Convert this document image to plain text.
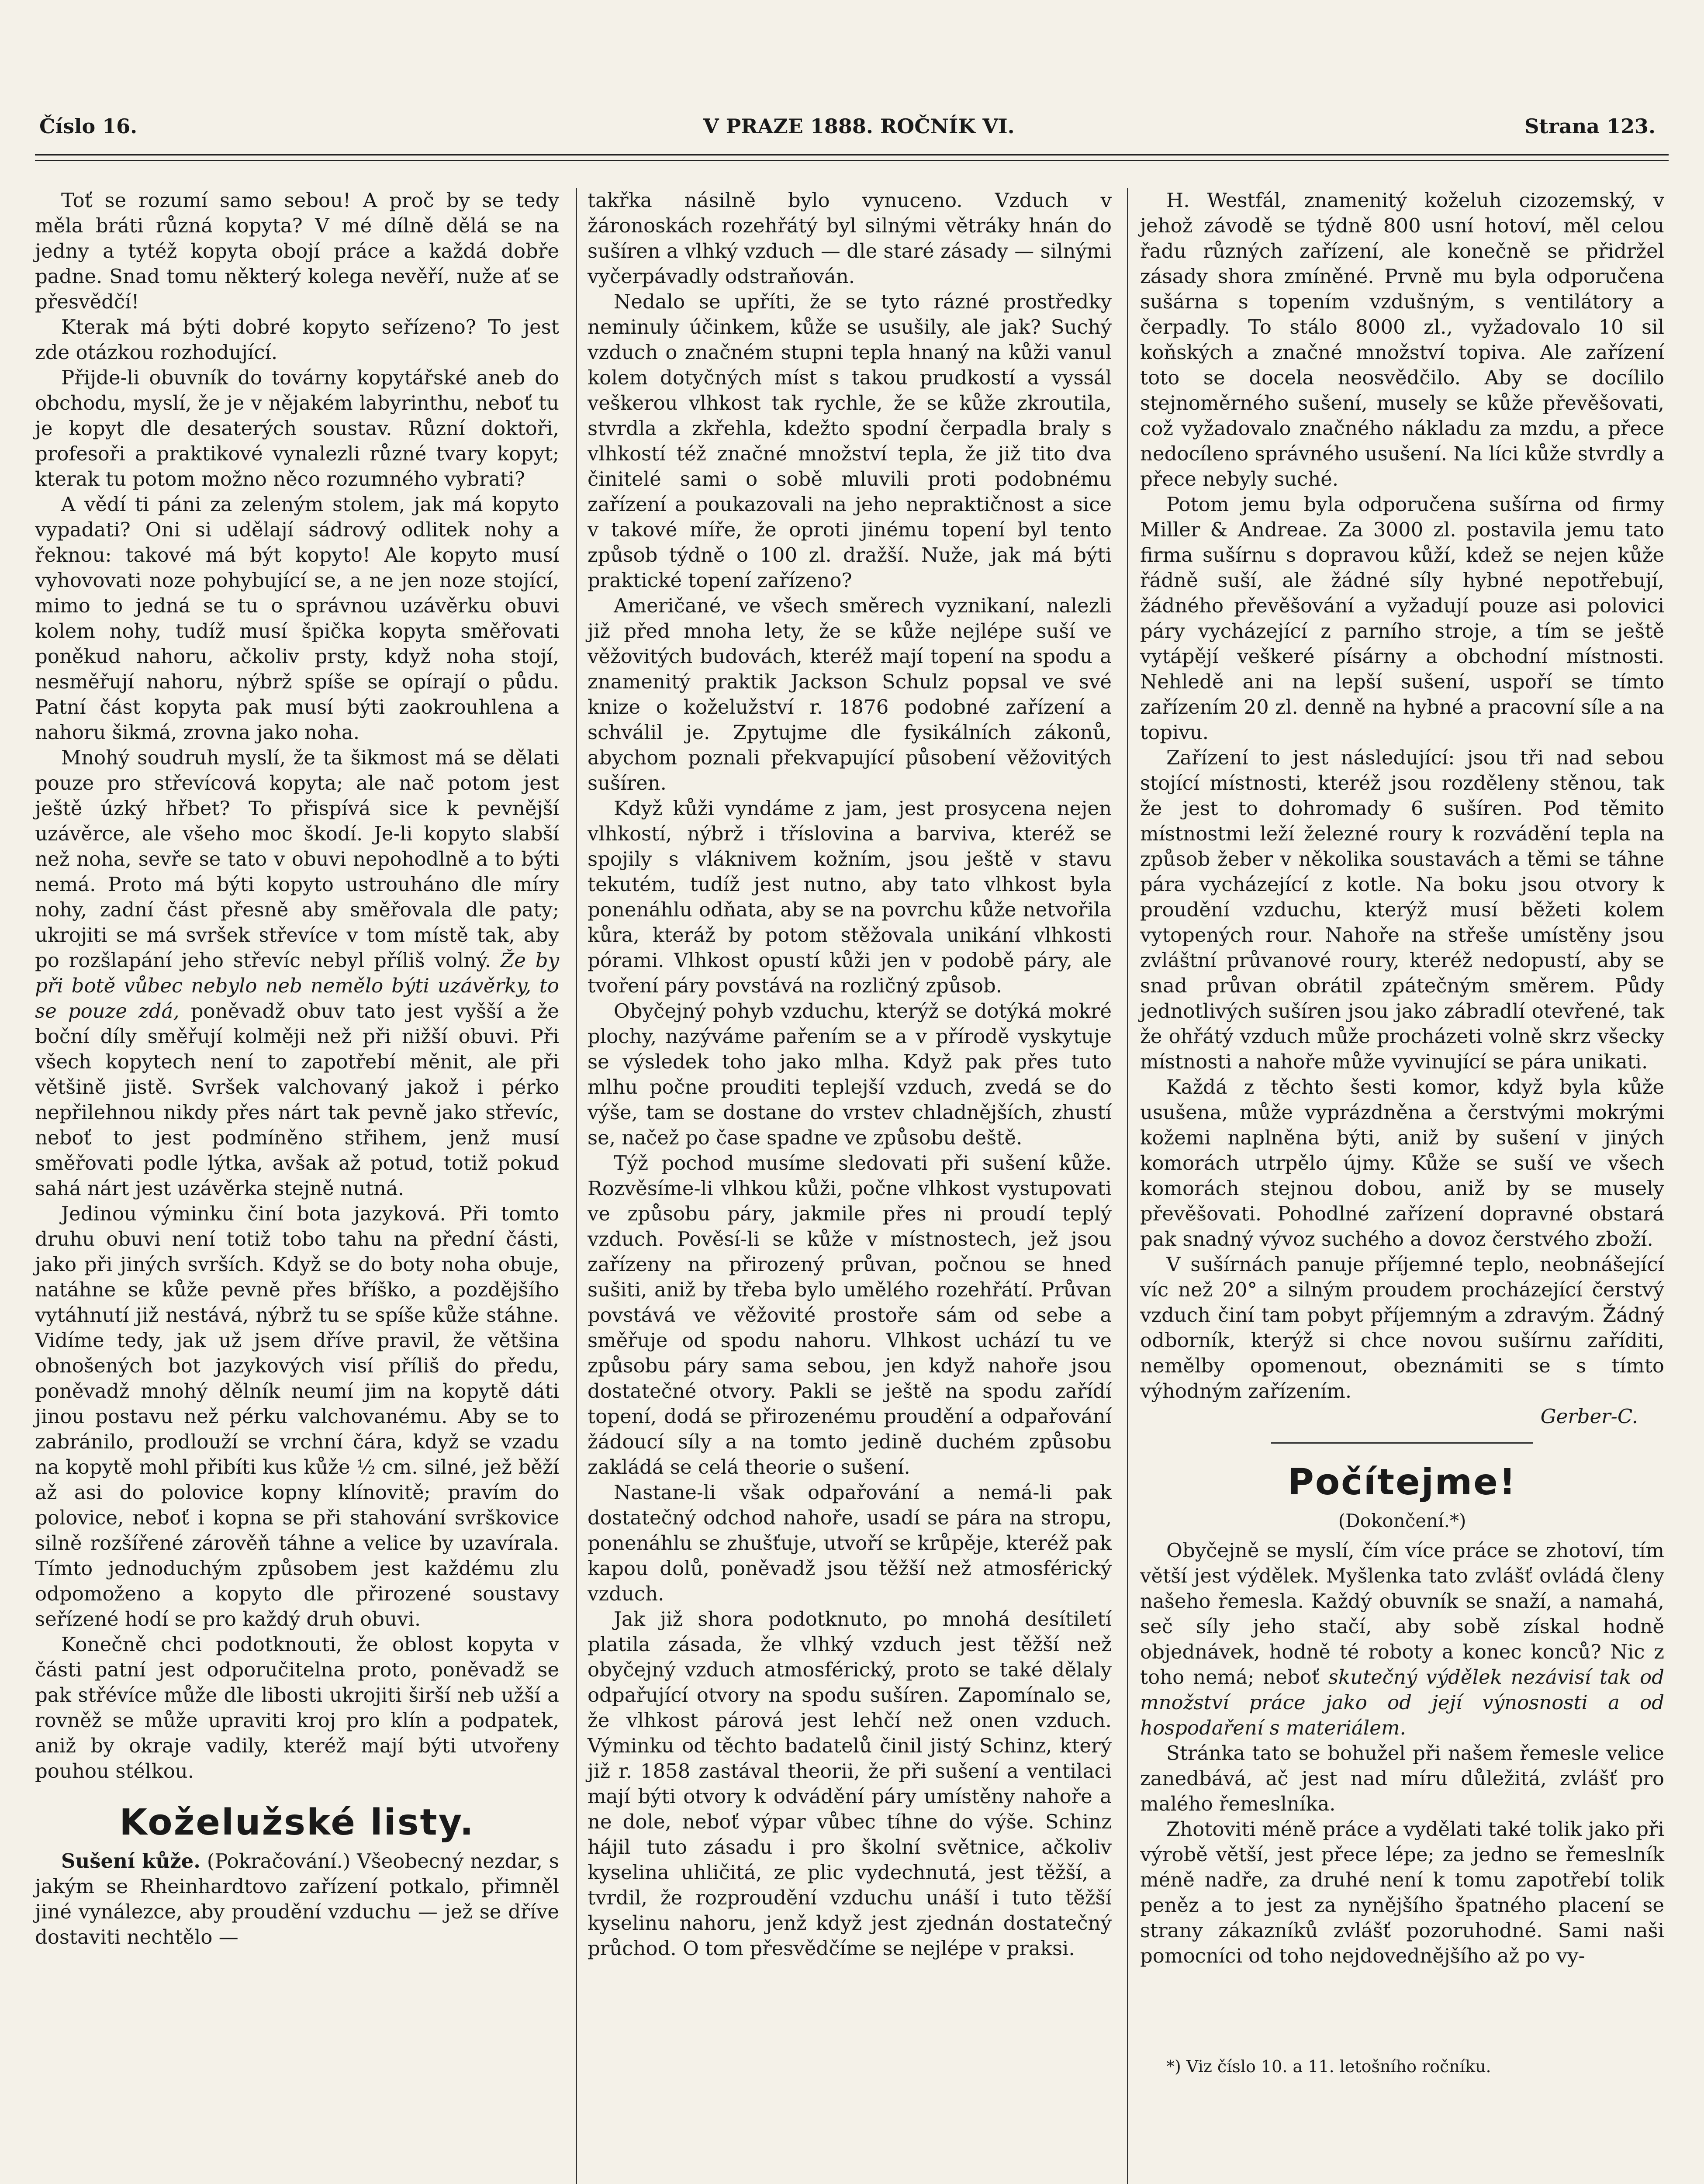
Číslo 16.	V PRAZE 1888. ROČNÍK VI.	Strana 123.

Toť se rozumí samo sebou! A proč by se tedy měla bráti různá kopyta? V mé dílně dělá se na jedny a tytéž kopyta obojí práce a každá dobře padne. Snad tomu některý kolega nevěří, nuže ať se přesvědčí!

Kterak má býti dobré kopyto seřízeno? To jest zde otázkou rozhodující.

Přijde-li obuvník do továrny kopytářské aneb do obchodu, myslí, že je v nějakém labyrinthu, neboť tu je kopyt dle desaterých soustav. Různí doktoři, profesoři a praktikové vynalezli různé tvary kopyt; kterak tu potom možno něco rozumného vybrati?

A vědí ti páni za zeleným stolem, jak má kopyto vypadati? Oni si udělají sádrový odlitek nohy a řeknou: takové má být kopyto! Ale kopyto musí vyhovovati noze pohybující se, a ne jen noze stojící, mimo to jedná se tu o správnou uzávěrku obuvi kolem nohy, tudíž musí špička kopyta směřovati poněkud nahoru, ačkoliv prsty, když noha stojí, nesměřují nahoru, nýbrž spíše se opírají o půdu. Patní část kopyta pak musí býti zaokrouhlena a nahoru šikmá, zrovna jako noha.

Mnohý soudruh myslí, že ta šikmost má se dělati pouze pro střevícová kopyta; ale nač potom jest ještě úzký hřbet? To přispívá sice k pevnější uzávěrce, ale všeho moc škodí. Je-li kopyto slabší než noha, sevře se tato v obuvi nepohodlně a to býti nemá. Proto má býti kopyto ustrouháno dle míry nohy, zadní část přesně aby směřovala dle paty; ukrojiti se má svršek střevíce v tom místě tak, aby po rozšlapání jeho střevíc nebyl příliš volný. Že by při botě vůbec nebylo neb nemělo býti uzávěrky, to se pouze zdá, poněvadž obuv tato jest vyšší a že boční díly směřují kolměji než při nižší obuvi. Při všech kopytech není to zapotřebí měnit, ale při většině jistě. Svršek valchovaný jakož i pérko nepřilehnou nikdy přes nárt tak pevně jako střevíc, neboť to jest podmíněno střihem, jenž musí směřovati podle lýtka, avšak až potud, totiž pokud sahá nárt jest uzávěrka stejně nutná.

Jedinou výminku činí bota jazyková. Při tomto druhu obuvi není totiž tobo tahu na přední části, jako při jiných svrších. Když se do boty noha obuje, natáhne se kůže pevně přes bříško, a pozdějšího vytáhnutí již nestává, nýbrž tu se spíše kůže stáhne. Vidíme tedy, jak už jsem dříve pravil, že většina obnošených bot jazykových visí příliš do předu, poněvadž mnohý dělník neumí jim na kopytě dáti jinou postavu než pérku valchovanému. Aby se to zabránilo, prodlouží se vrchní čára, když se vzadu na kopytě mohl přibíti kus kůže ½ cm. silné, jež běží až asi do polovice kopny klínovitě; pravím do polovice, neboť i kopna se při stahování svrškovice silně rozšířené zárověň táhne a velice by uzavírala. Tímto jednoduchým způsobem jest každému zlu odpomoženo a kopyto dle přirozené soustavy seřízené hodí se pro každý druh obuvi.

Konečně chci podotknouti, že oblost kopyta v části patní jest odporučitelna proto, poněvadž se pak střévíce může dle libosti ukrojiti širší neb užší a rovněž se může upraviti kroj pro klín a podpatek, aniž by okraje vadily, kteréž mají býti utvořeny pouhou stélkou.

Koželužské listy.

Sušení kůže. (Pokračování.) Všeobecný nezdar, s jakým se Rheinhardtovo zařízení potkalo, přimněl jiné vynálezce, aby proudění vzduchu — jež se dříve dostaviti nechtělo —

takřka násilně bylo vynuceno. Vzduch v žáronoskách rozehřátý byl silnými větráky hnán do sušíren a vlhký vzduch — dle staré zásady — silnými vyčerpávadly odstraňován.

Nedalo se upříti, že se tyto rázné prostředky neminuly účinkem, kůže se usušily, ale jak? Suchý vzduch o značném stupni tepla hnaný na kůži vanul kolem dotyčných míst s takou prudkostí a vyssál veškerou vlhkost tak rychle, že se kůže zkroutila, stvrdla a zkřehla, kdežto spodní čerpadla braly s vlhkostí též značné množství tepla, že již tito dva činitelé sami o sobě mluvili proti podobnému zařízení a poukazovali na jeho nepraktičnost a sice v takové míře, že oproti jinému topení byl tento způsob týdně o 100 zl. dražší. Nuže, jak má býti praktické topení zařízeno?

Američané, ve všech směrech vyznikaní, nalezli již před mnoha lety, že se kůže nejlépe suší ve věžovitých budovách, kteréž mají topení na spodu a znamenitý praktik Jackson Schulz popsal ve své knize o koželužství r. 1876 podobné zařízení a schválil je. Zpytujme dle fysikálních zákonů, abychom poznali překvapující působení věžovitých sušíren.

Když kůži vyndáme z jam, jest prosycena nejen vlhkostí, nýbrž i tříslovina a barviva, kteréž se spojily s vláknivem kožním, jsou ještě v stavu tekutém, tudíž jest nutno, aby tato vlhkost byla ponenáhlu odňata, aby se na povrchu kůže netvořila kůra, kteráž by potom stěžovala unikání vlhkosti pórami. Vlhkost opustí kůži jen v podobě páry, ale tvoření páry povstává na rozličný způsob.

Obyčejný pohyb vzduchu, kterýž se dotýká mokré plochy, nazýváme pařením se a v přírodě vyskytuje se výsledek toho jako mlha. Když pak přes tuto mlhu počne prouditi teplejší vzduch, zvedá se do výše, tam se dostane do vrstev chladnějších, zhustí se, načež po čase spadne ve způsobu deště.

Týž pochod musíme sledovati při sušení kůže. Rozvěsíme-li vlhkou kůži, počne vlhkost vystupovati ve způsobu páry, jakmile přes ni proudí teplý vzduch. Pověsí-li se kůže v místnostech, jež jsou zařízeny na přirozený průvan, počnou se hned sušiti, aniž by třeba bylo umělého rozehřátí. Průvan povstává ve věžovité prostoře sám od sebe a směřuje od spodu nahoru. Vlhkost uchází tu ve způsobu páry sama sebou, jen když nahoře jsou dostatečné otvory. Pakli se ještě na spodu zařídí topení, dodá se přirozenému proudění a odpařování žádoucí síly a na tomto jedině duchém způsobu zakládá se celá theorie o sušení.

Nastane-li však odpařování a nemá-li pak dostatečný odchod nahoře, usadí se pára na stropu, ponenáhlu se zhušťuje, utvoří se krůpěje, kteréž pak kapou dolů, poněvadž jsou těžší než atmosférický vzduch.

Jak již shora podotknuto, po mnohá desítiletí platila zásada, že vlhký vzduch jest těžší než obyčejný vzduch atmosférický, proto se také dělaly odpařující otvory na spodu sušíren. Zapomínalo se, že vlhkost párová jest lehčí než onen vzduch. Výminku od těchto badatelů činil jistý Schinz, který již r. 1858 zastával theorii, že při sušení a ventilaci mají býti otvory k odvádění páry umístěny nahoře a ne dole, neboť výpar vůbec tíhne do výše. Schinz hájil tuto zásadu i pro školní světnice, ačkoliv kyselina uhličitá, ze plic vydechnutá, jest těžší, a tvrdil, že rozproudění vzduchu unáší i tuto těžší kyselinu nahoru, jenž když jest zjednán dostatečný průchod. O tom přesvědčíme se nejlépe v praksi.

H. Westfál, znamenitý koželuh cizozemský, v jehož závodě se týdně 800 usní hotoví, měl celou řadu různých zařízení, ale konečně se přidržel zásady shora zmíněné. Prvně mu byla odporučena sušárna s topením vzdušným, s ventilátory a čerpadly. To stálo 8000 zl., vyžadovalo 10 sil koňských a značné množství topiva. Ale zařízení toto se docela neosvědčilo. Aby se docílilo stejnoměrného sušení, musely se kůže převěšovati, což vyžadovalo značného nákladu za mzdu, a přece nedocíleno správného usušení. Na líci kůže stvrdly a přece nebyly suché.

Potom jemu byla odporučena sušírna od firmy Miller & Andreae. Za 3000 zl. postavila jemu tato firma sušírnu s dopravou kůží, kdež se nejen kůže řádně suší, ale žádné síly hybné nepotřebují, žádného převěšování a vyžadují pouze asi polovici páry vycházející z parního stroje, a tím se ještě vytápějí veškeré písárny a obchodní místnosti. Nehledě ani na lepší sušení, uspoří se tímto zařízením 20 zl. denně na hybné a pracovní síle a na topivu.

Zařízení to jest následující: jsou tři nad sebou stojící místnosti, kteréž jsou rozděleny stěnou, tak že jest to dohromady 6 sušíren. Pod těmito místnostmi leží železné roury k rozvádění tepla na způsob žeber v několika soustavách a těmi se táhne pára vycházející z kotle. Na boku jsou otvory k proudění vzduchu, kterýž musí běžeti kolem vytopených rour. Nahoře na střeše umístěny jsou zvláštní průvanové roury, kteréž nedopustí, aby se snad průvan obrátil zpátečným směrem. Půdy jednotlivých sušíren jsou jako zábradlí otevřené, tak že ohřátý vzduch může procházeti volně skrz všecky místnosti a nahoře může vyvinující se pára unikati.

Každá z těchto šesti komor, když byla kůže usušena, může vyprázdněna a čerstvými mokrými kožemi naplněna býti, aniž by sušení v jiných komorách utrpělo újmy. Kůže se suší ve všech komorách stejnou dobou, aniž by se musely převěšovati. Pohodlné zařízení dopravné obstará pak snadný vývoz suchého a dovoz čerstvého zboží.

V sušírnách panuje příjemné teplo, neobnášející víc než 20° a silným proudem procházející čerstvý vzduch činí tam pobyt příjemným a zdravým. Žádný odborník, kterýž si chce novou sušírnu zaříditi, nemělby opomenout, obeznámiti se s tímto výhodným zařízením.

Gerber-C.
Počítejme!
(Dokončení.*)

Obyčejně se myslí, čím více práce se zhotoví, tím větší jest výdělek. Myšlenka tato zvlášť ovládá členy našeho řemesla. Každý obuvník se snaží, a namahá, seč síly jeho stačí, aby sobě získal hodně objednávek, hodně té roboty a konec konců? Nic z toho nemá; neboť skutečný výdělek nezávisí tak od množství práce jako od její výnosnosti a od hospodaření s materiálem.

Stránka tato se bohužel při našem řemesle velice zanedbává, ač jest nad míru důležitá, zvlášť pro malého řemeslníka.

Zhotoviti méně práce a vydělati také tolik jako při výrobě větší, jest přece lépe; za jedno se řemeslník méně nadře, za druhé není k tomu zapotřebí tolik peněz a to jest za nynějšího špatného placení se strany zákazníků zvlášť pozoruhodné. Sami naši pomocníci od toho nejdovednějšího až po vy-

*) Viz číslo 10. a 11. letošního ročníku.
